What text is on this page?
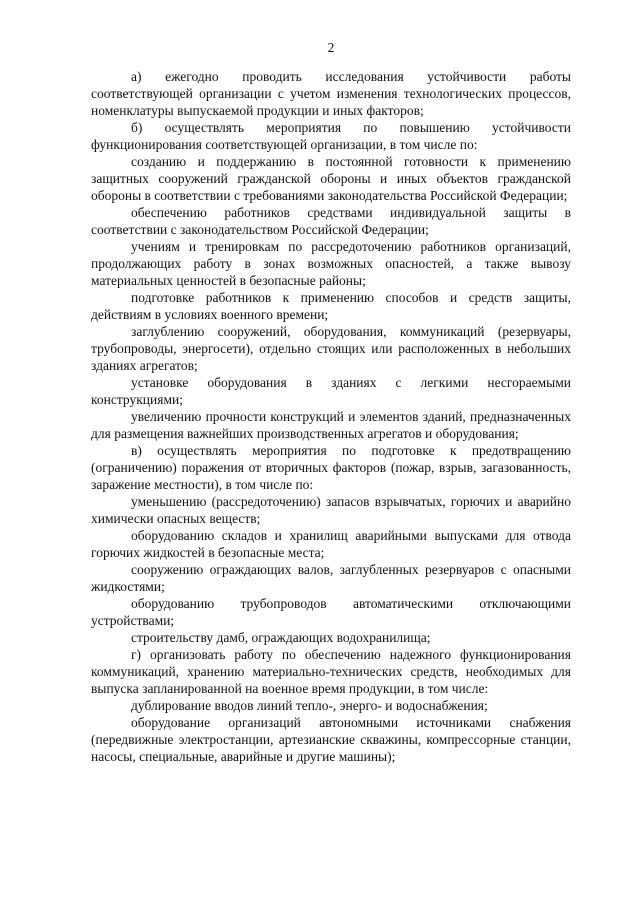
2

а) ежегодно проводить исследования устойчивости работы соответствующей организации с учетом изменения технологических процессов, номенклатуры выпускаемой продукции и иных факторов;

б) осуществлять мероприятия по повышению устойчивости функционирования соответствующей организации, в том числе по:

созданию и поддержанию в постоянной готовности к применению защитных сооружений гражданской обороны и иных объектов гражданской обороны в соответствии с требованиями законодательства Российской Федерации;

обеспечению работников средствами индивидуальной защиты в соответствии с законодательством Российской Федерации;

учениям и тренировкам по рассредоточению работников организаций, продолжающих работу в зонах возможных опасностей, а также вывозу материальных ценностей в безопасные районы;

подготовке работников к применению способов и средств защиты, действиям в условиях военного времени;

заглублению сооружений, оборудования, коммуникаций (резервуары, трубопроводы, энергосети), отдельно стоящих или расположенных в небольших зданиях агрегатов;

установке оборудования в зданиях с легкими несгораемыми конструкциями;

увеличению прочности конструкций и элементов зданий, предназначенных для размещения важнейших производственных агрегатов и оборудования;

в) осуществлять мероприятия по подготовке к предотвращению (ограничению) поражения от вторичных факторов (пожар, взрыв, загазованность, заражение местности), в том числе по:

уменьшению (рассредоточению) запасов взрывчатых, горючих и аварийно химически опасных веществ;

оборудованию складов и хранилищ аварийными выпусками для отвода горючих жидкостей в безопасные места;

сооружению ограждающих валов, заглубленных резервуаров с опасными жидкостями;

оборудованию трубопроводов автоматическими отключающими устройствами;

строительству дамб, ограждающих водохранилища;

г) организовать работу по обеспечению надежного функционирования коммуникаций, хранению материально-технических средств, необходимых для выпуска запланированной на военное время продукции, в том числе:

дублирование вводов линий тепло-, энерго- и водоснабжения;

оборудование организаций автономными источниками снабжения (передвижные электростанции, артезианские скважины, компрессорные станции, насосы, специальные, аварийные и другие машины);
